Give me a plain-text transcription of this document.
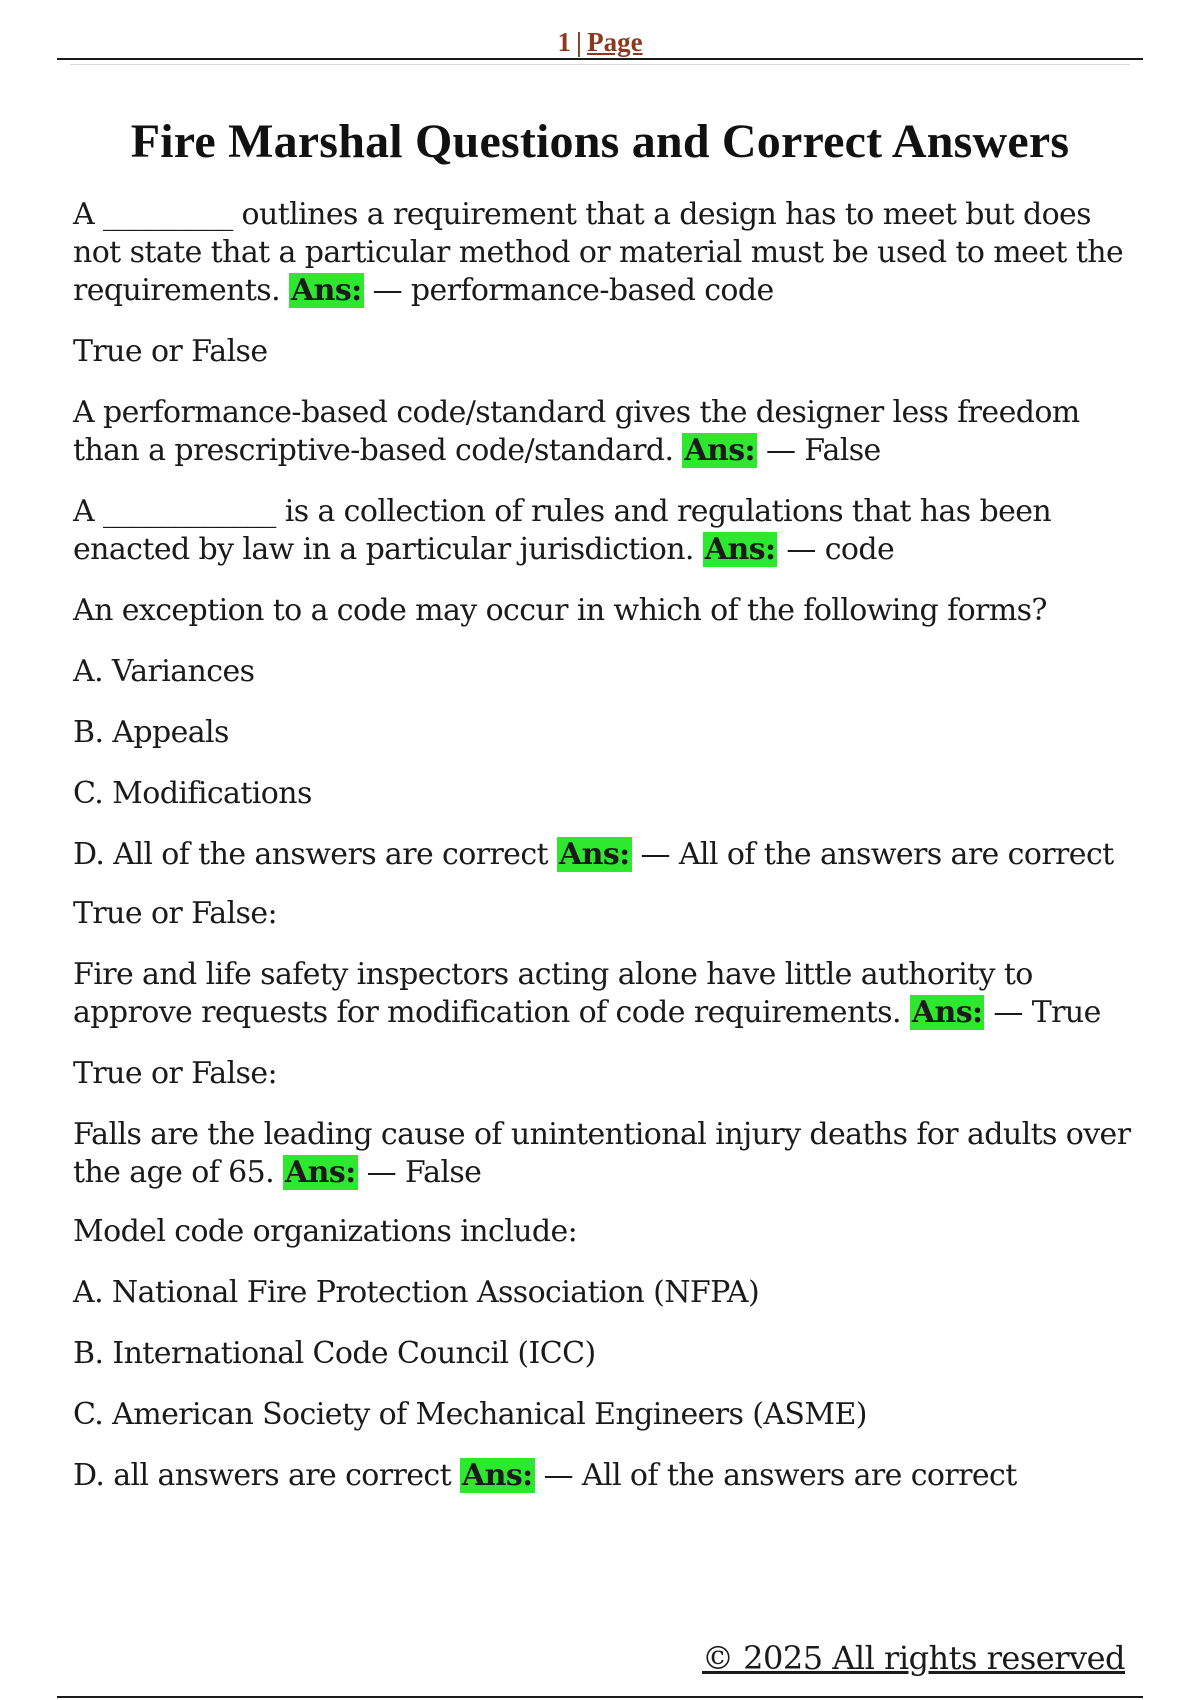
1 | Page
Fire Marshal Questions and Correct Answers

A _________ outlines a requirement that a design has to meet but does not state that a particular method or material must be used to meet the requirements. Ans: — performance-based code

True or False

A performance-based code/standard gives the designer less freedom than a prescriptive-based code/standard. Ans: — False

A ____________ is a collection of rules and regulations that has been enacted by law in a particular jurisdiction. Ans: — code

An exception to a code may occur in which of the following forms?

A. Variances

B. Appeals

C. Modifications

D. All of the answers are correct Ans: — All of the answers are correct

True or False:

Fire and life safety inspectors acting alone have little authority to approve requests for modification of code requirements. Ans: — True

True or False:

Falls are the leading cause of unintentional injury deaths for adults over the age of 65. Ans: — False

Model code organizations include:

A. National Fire Protection Association (NFPA)

B. International Code Council (ICC)

C. American Society of Mechanical Engineers (ASME)

D. all answers are correct Ans: — All of the answers are correct

© 2025 All rights reserved
